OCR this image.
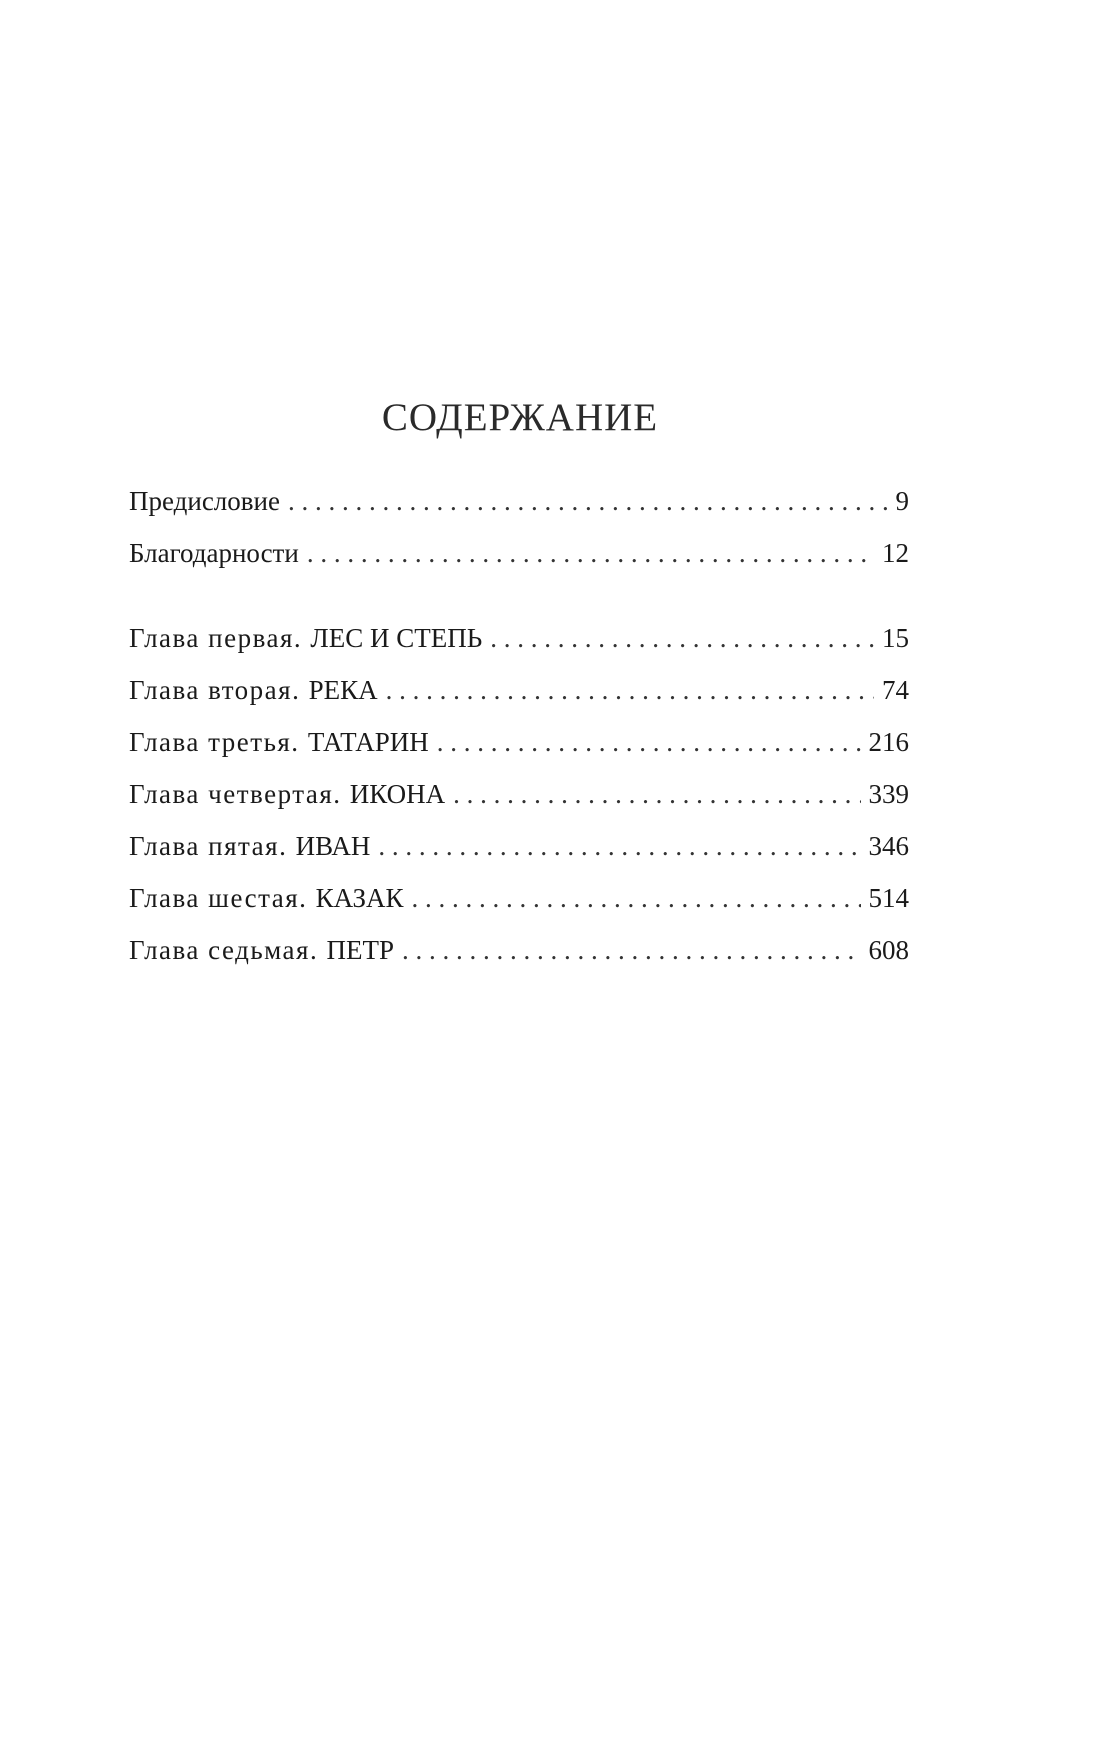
СОДЕРЖАНИЕ
Предисловие . . .	9
Благодарности . . .	12
Глава первая. ЛЕС И СТЕПЬ . . .	15
Глава вторая. РЕКА . . .	74
Глава третья. ТАТАРИН . . .	216
Глава четвертая. ИКОНА . . .	339
Глава пятая. ИВАН . . .	346
Глава шестая. КАЗАК . . .	514
Глава седьмая. ПЕТР . . .	608
